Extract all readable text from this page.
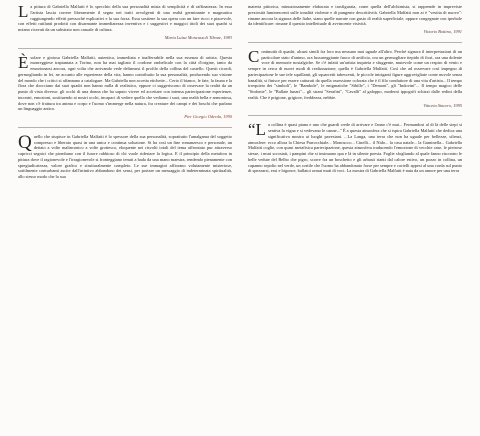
La pittura di Gabriella Malfatti è lo specchio della sua personalità mista di semplicità e di raffinatezza. In essa l'artista lascia correre liberamente il segno nei tratti avvolgenti di una realtà germinante e magmatica raggiungendo effetti pressoché esplicativi e la sua forza. Essa sostiene la sua opera con un fare ricco e piacevole, con effetti rutilanti prodotti con disarmante immediatezza inventiva e i suggestivi e maggici titoli dei suoi quadri si notano ricavati da un substrato non casuale di cultura.

Maria Luisa Moncassoli Tibone, 1983

Èsolare e gioiosa Gabriella Malfatti, autentica, immediata e inafferrabile nella sua essenza di artista. Questa monreggiese trapiantata a Torino, non ha mai tagliato il cordone ombelicale con la città d'origine, tanto da emozionarsi ancora, ogni volta che arrivando vede delinearsi il profilo della collina del castello. Questi ricordi, germogliando in lei, ne accanto alle esperienze della vita, hanno contribuito la sua personalità, producendo suo visione del mondo che i critici si affannano a catalogare. Ma Gabriella non accetta etichette... Certo il bianco, le fate, la fauna e la flora che sbocciano dai suoi quadri non hanno nulla di realistico, eppure ci suggeriscono di osservare la realtà da un punto di vista diverso: gli occhi di una donna che ha saputo vivere ed accettare con intensa partecipazione esperienze, incontri, emozioni, sostituendo ai nostri occhi, incapaci di vedere quello che vediamo i suoi, una realtà bella e armoniosa, dove non c'è frattura tra anima e corpo e l'uomo s'immerge nella natura, fra creature dei campi e dei boschi che parlano un linguaggio antico.

Pier Giorgio Oderda, 1990

Quello che stupisce in Gabriella Malfatti è lo spessore della sua personalità, soprattutto l'amalgama del soggetto compresso e liberato quasi in una unica e continua soluzione. Si ha così un fine romanzesco e personale, un dettato a volte malinconico a volte grottesco, eloquente nei risvolti totali del tema affrontato pur attraverso capricci segnici che piombano con il furore rabbioso di chi vuole ridestare la logica. E il principio della metafora in pittura dove il ragionevole e l'irragionevole si fronteggiano tenuti a bada da una mano maestra, rendendo pienamente con spregiudicatezza, valore grafico e strutturalmente completo. Le sue immagini affiorano volutamente misteriose, sottilmente conturbanti ascite dall'istintivo abbandono dei sensi, per portare un messaggio di indeterminata spiritualità, allo stesso modo che la sua

materia pittorica, minuziosamente elaborata e trasfigurata, come quella dell'alchimista, si rapprende in impreviste preziosità luminescenti sulle tonalità violente e di pungente descrittività. Gabriella Malfatti non ai è "vestita di nuovo": rimane ancora la signora delle fiabe, siano quelle narrate con gusto di realtà superficiale, oppure congegnate con iperbole da identificare: rimane il quesito intellettuale di avvincente visività.

Vittorio Bottino, 1991

Continuità di quadri, alcuni simili fra loro ma nessuno mai uguale all'altro. Perché signora il interpretazioni di un particolare stato d'animo, ora lussureggiante fuoco di artificio, ora un germogliare tiepido di fiori, ora una dolente voce di memorie nostalgiche. Se c'è infatti un'artista inquieta e sfuggente, mutevole come un respiro di vento e sempre in cerca di nuovi modi di realizzazione, quella è Gabriella Malfatti. Così che ad osservare così impegno di partecipazione le sue tele squillanti, gli squarcetti tabescenti, le piccole intriganti figure aggrovigliate come nuvole senza banalità, si finisce per essere catturati da quella ossessione colorata che è il filo conduttore di una vita d'artista... Il tempo irrequieto dei "simboli", le "Bambole", le enigmatiche "Sibille", i "Demoni", gli "Indovini"... Il tempo magico delle "Sinfonie", le "Ballate lunari"... gli strani "Serafini", "Cavalli" al galoppo, moderni ippogrifi schizzi dalle redini della realtà. Che è prigione, grigiore, freddezza, nebbie.

Vittoria Sincero, 1995

“La collina è quasi piana e uno che guardi crede di arrivare e l'anno c'è mai... Fermandosi al di là delle siepi si sentiva la vigna e si vedevano le canne..." È a questa atmosfera che si ispira Gabriella Malfatti che dedica una significativa mostra ai luoghi pavesiani. ...La Langa, una terra che non ha uguale per bellezze, silenzi, atmosfere: ecco allora la Chiesa Parrocchiale... Moncucco... Cinelli... il Nido... la casa natale... la Gaminella... Gabriella Malfatti coglie, con quasi metafisica partecipazione, questa atmosfera traducendo l'emozione di vecchie case, le pietrose stesse, i muri scrostati, i pampini che si insinuano qua e là in silente poesia. Foglie sfogliando al quale fanno riscontro le belle vedute del Belbo che pigro, scorre fra un boschetto e gli arbusti rianti dal calore estivo, un pozzo in collina, un capanno sepolto nel verde, un cortile che l'uomo ha abbandonato forse per sempre e cortelli appesi al una corda sul punto di spezzarsi, essi e bigonce, ballatoi ormai muti di voci. La mostra di Gabriella Malfatti è nata da un amore per una terra
